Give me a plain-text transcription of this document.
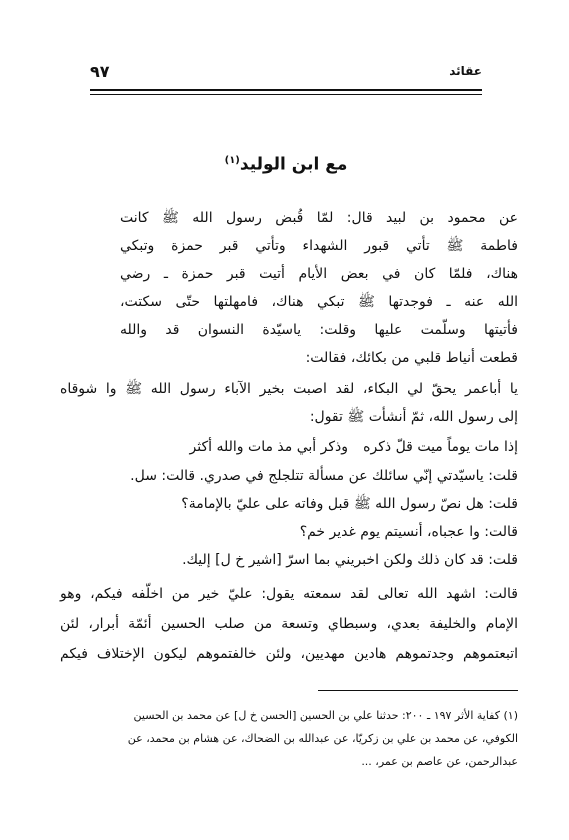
عقائد
٩٧
مع ابن الوليد$^{(١)}$
عن محمود بن لبيد قال: لمّا قُبض رسول الله ﷺ كانت
فاطمة ﷺ تأتي قبور الشهداء وتأتي قبر حمزة وتبكي
هناك، فلمّا كان في بعض الأيام أتيت قبر حمزة ـ رضي
الله عنه ـ فوجدتها ﷺ تبكي هناك، فامهلتها حتّى سكتت،
فأتيتها وسلّمت عليها وقلت: ياسيّدة النسوان قد والله
قطعت أنياط قلبي من بكائك، فقالت:
يا أباعمر يحقّ لي البكاء، لقد اصبت بخير الآباء رسول الله ﷺ وا شوقاه
إلى رسول الله، ثمّ أنشأت ﷺ تقول:
إذا مات يوماً ميت قلّ ذكره
وذكر أبي مذ مات والله أكثر
قلت: ياسيّدتي إنّي سائلك عن مسألة تتلجلج في صدري. قالت: سل.
قلت: هل نصّ رسول الله ﷺ قبل وفاته على عليّ بالإمامة؟
قالت: وا عجباه، أنسيتم يوم غدير خم؟
قلت: قد كان ذلك ولكن اخبريني بما اسرّ [اشير خ ل] إليك.
قالت: اشهد الله تعالى لقد سمعته يقول: عليّ خير من اخلّفه فيكم، وهو
الإمام والخليفة بعدي، وسبطاي وتسعة من صلب الحسين أئمّة أبرار، لئن
اتبعتموهم وجدتموهم هادين مهديين، ولئن خالفتموهم ليكون الإختلاف فيكم
(١) كفاية الأثر ١٩٧ ـ ٢٠٠: حدثنا علي بن الحسين [الحسن خ ل] عن محمد بن الحسين
الكوفي، عن محمد بن علي بن زكريّا، عن عبدالله بن الضحاك، عن هشام بن محمد، عن
عبدالرحمن، عن عاصم بن عمر، ...
